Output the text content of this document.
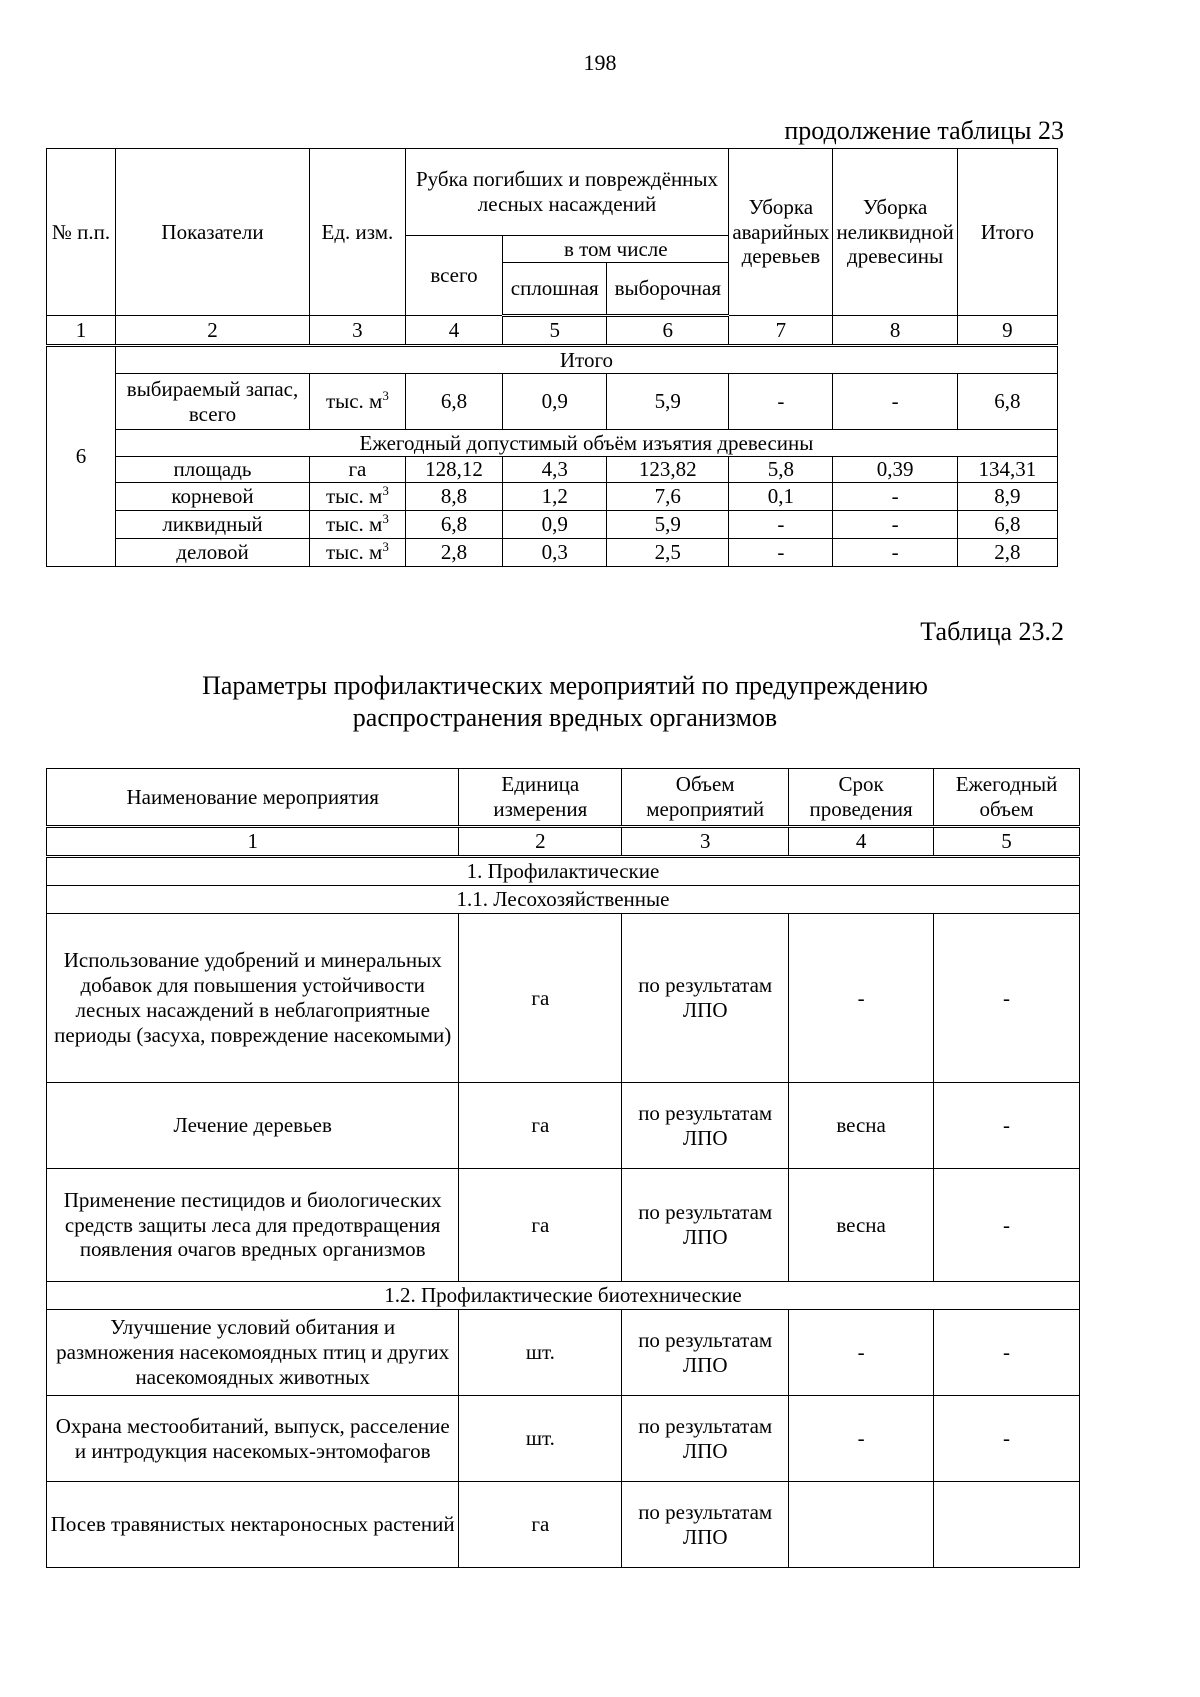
198
продолжение таблицы 23
№ п.п.	Показатели	Ед. изм.	Рубка погибших и повреждённых лесных насаждений			Уборка аварийных деревьев	Уборка неликвидной древесины	Итого
			всего	в том числе				
				сплошная	выборочная			
1	2	3	4	5	6	7	8	9
6	Итого							
	выбираемый запас, всего	тыс. $м^3$	6,8	0,9	5,9	-	-	6,8
	Ежегодный допустимый объём изъятия древесины							
	площадь	га	128,12	4,3	123,82	5,8	0,39	134,31
	корневой	тыс. $м^3$	8,8	1,2	7,6	0,1	-	8,9
	ликвидный	тыс. $м^3$	6,8	0,9	5,9	-	-	6,8
	деловой	тыс. $м^3$	2,8	0,3	2,5	-	-	2,8
Таблица 23.2
Параметры профилактических мероприятий по предупреждению
распространения вредных организмов
Наименование мероприятия	Единица измерения	Объем мероприятий	Срок проведения	Ежегодный объем
1	2	3	4	5
1. Профилактические				
1.1. Лесохозяйственные				
Использование удобрений и минеральных добавок для повышения устойчивости лесных насаждений в неблагоприятные периоды (засуха, повреждение насекомыми)	га	по результатам ЛПО	-	-
Лечение деревьев	га	по результатам ЛПО	весна	-
Применение пестицидов и биологических средств защиты леса для предотвращения появления очагов вредных организмов	га	по результатам ЛПО	весна	-
1.2. Профилактические биотехнические				
Улучшение условий обитания и размножения насекомоядных птиц и других насекомоядных животных	шт.	по результатам ЛПО	-	-
Охрана местообитаний, выпуск, расселение и интродукция насекомых-энтомофагов	шт.	по результатам ЛПО	-	-
Посев травянистых нектароносных растений	га	по результатам ЛПО		
